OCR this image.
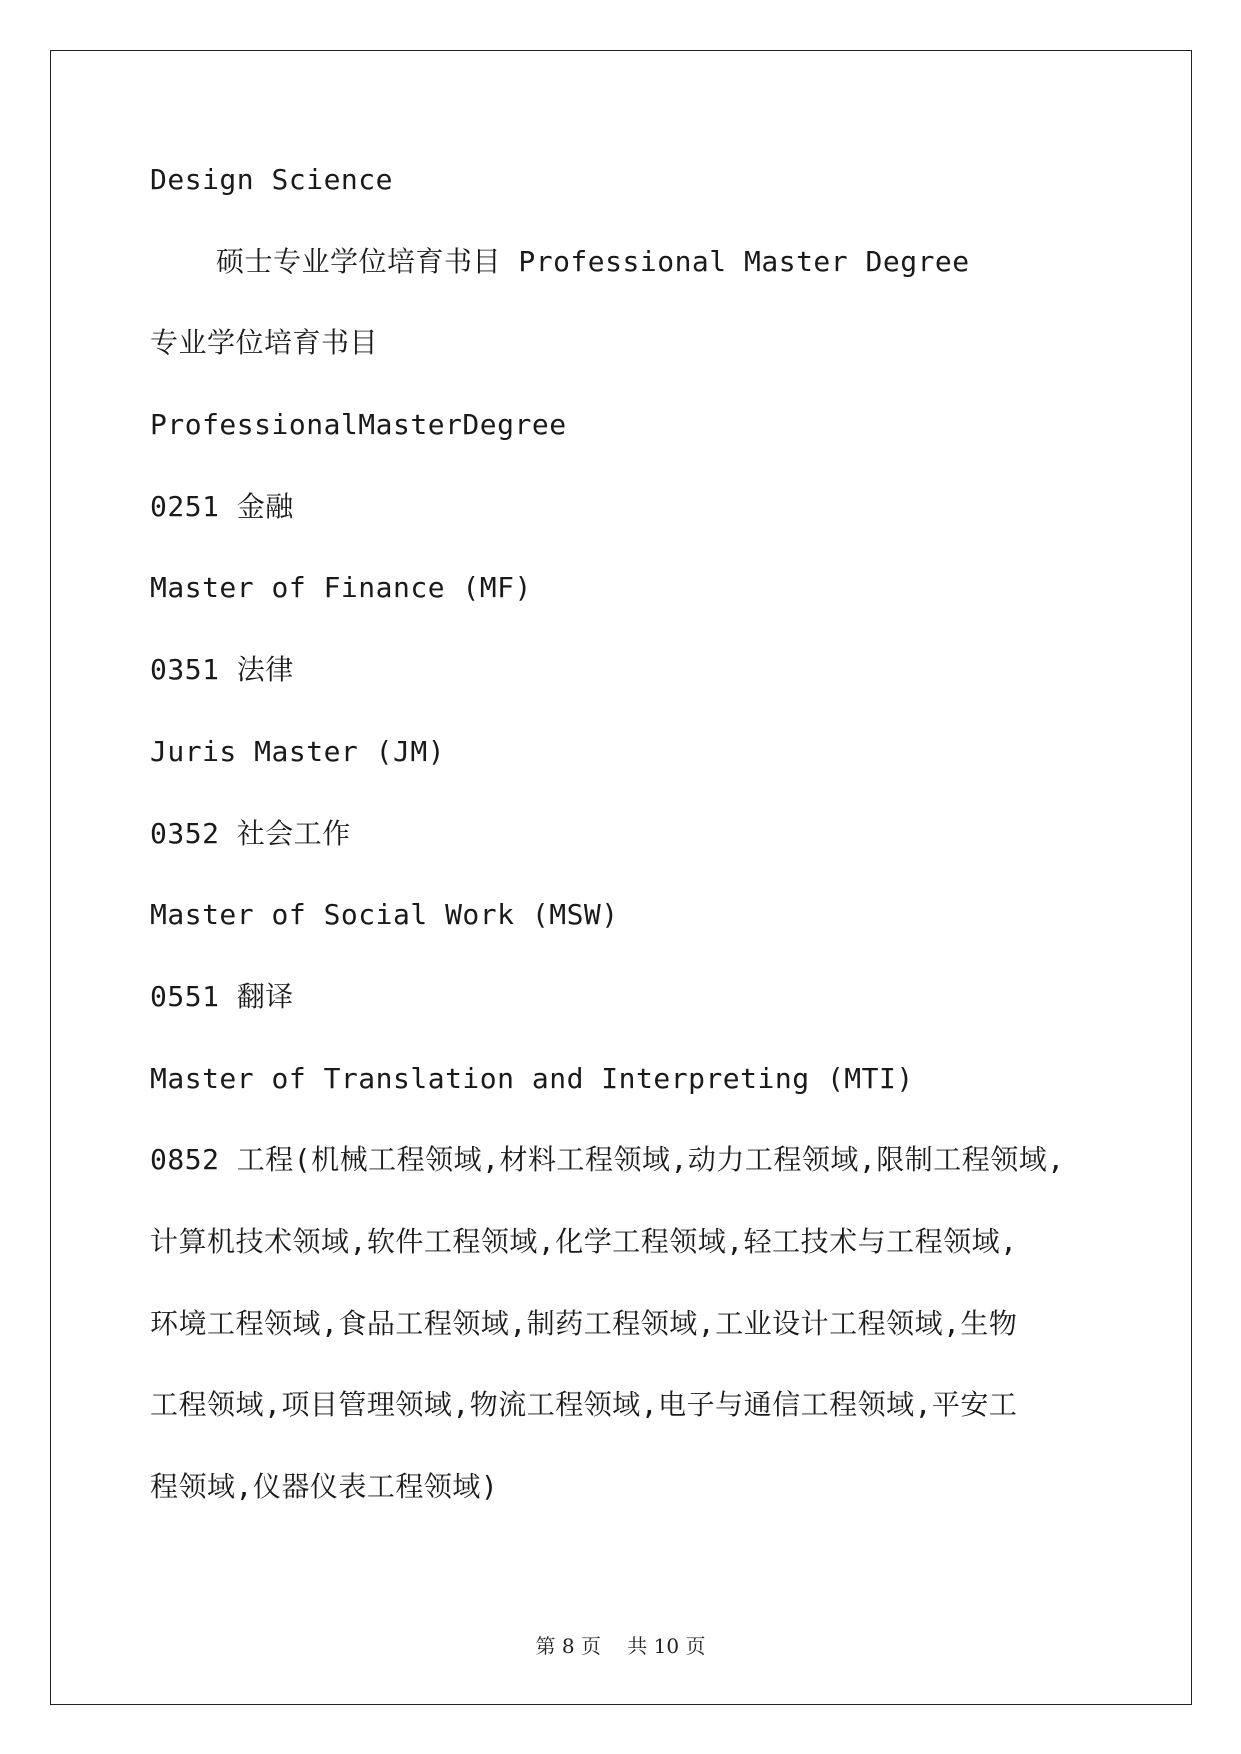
Design Science
硕士专业学位培育书目 Professional Master Degree
专业学位培育书目
ProfessionalMasterDegree
0251 金融
Master of Finance (MF)
0351 法律
Juris Master (JM)
0352 社会工作
Master of Social Work (MSW)
0551 翻译
Master of Translation and Interpreting (MTI)
0852 工程(机械工程领域,材料工程领域,动力工程领域,限制工程领域,
计算机技术领域,软件工程领域,化学工程领域,轻工技术与工程领域,
环境工程领域,食品工程领域,制药工程领域,工业设计工程领域,生物
工程领域,项目管理领域,物流工程领域,电子与通信工程领域,平安工
程领域,仪器仪表工程领域)
第 8 页　 共 10 页
